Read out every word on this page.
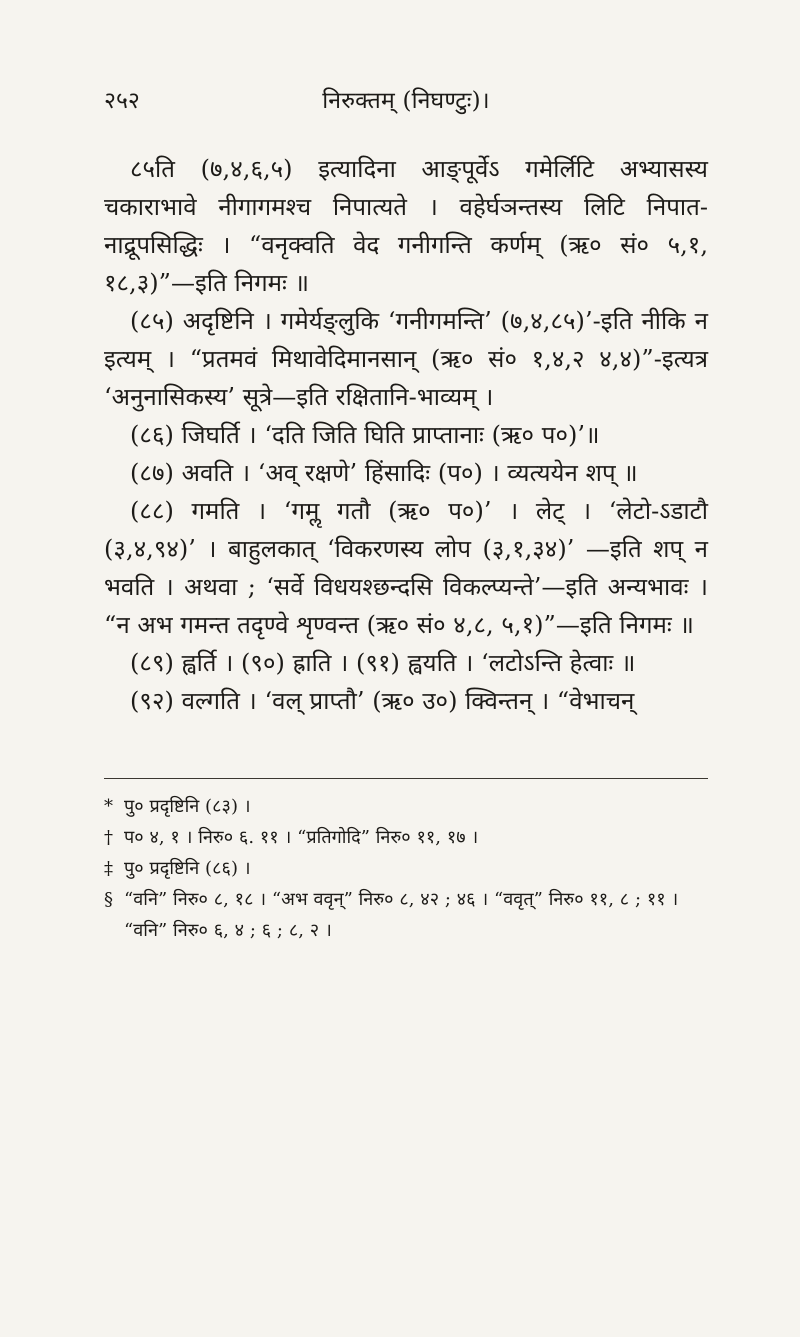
२५२	निरुक्तम् (निघण्टुः)।

८५ति (७,४,६,५) इत्यादिना आङ्पूर्वेऽ गमेर्लिटि अभ्यासस्य चकाराभावे नीगागमश्च निपात्यते । वहेर्घञन्तस्य लिटि निपात-नाद्रूपसिद्धिः । “वनृक्वति वेद गनीगन्ति कर्णम् (ऋ० सं० ५,१, १८,३)”—इति निगमः ॥

(८५) अदृष्टिनि । गमेर्यङ्लुकि ‘गनीगमन्ति’ (७,४,८५)’-इति नीकि न इत्यम् । “प्रतमवं मिथावेदिमानसान् (ऋ० सं० १,४,२ ४,४)”-इत्यत्र ‘अनुनासिकस्य’ सूत्रे—इति रक्षितानि-भाव्यम् ।

(८६) जिघर्ति । ‘दति जिति घिति प्राप्तानाः (ऋ० प०)’॥

(८७) अवति । ‘अव् रक्षणे’ हिंसादिः (प०) । व्यत्ययेन शप् ॥

(८८) गमति । ‘गमॢ गतौ (ऋ० प०)’ । लेट् । ‘लेटो-ऽडाटौ (३,४,९४)’ । बाहुलकात् ‘विकरणस्य लोप (३,१,३४)’ —इति शप् न भवति । अथवा ; ‘सर्वे विधयश्छन्दसि विकल्प्यन्ते’—इति अन्यभावः । “न अभ गमन्त तदृण्वे शृण्वन्त (ऋ० सं० ४,८, ५,१)”—इति निगमः ॥

(८९) ह्वर्ति । (९०) ह्राति । (९१) ह्वयति । ‘लटोऽन्ति हेत्वाः ॥

(९२) वल्गति । ‘वल् प्राप्तौ’ (ऋ० उ०) क्विन्तन् । “वेभाचन्

* पु० प्रदृष्टिनि (८३) ।
† प० ४, १ । निरु० ६. ११ । “प्रतिगोदि” निरु० ११, १७ ।
‡ पु० प्रदृष्टिनि (८६) ।
§ “वनि” निरु० ८, १८ । “अभ ववृन्” निरु० ८, ४२ ; ४६ । “ववृत्” निरु० ११, ८ ; ११ । “वनि” निरु० ६, ४ ; ६ ; ८, २ ।
